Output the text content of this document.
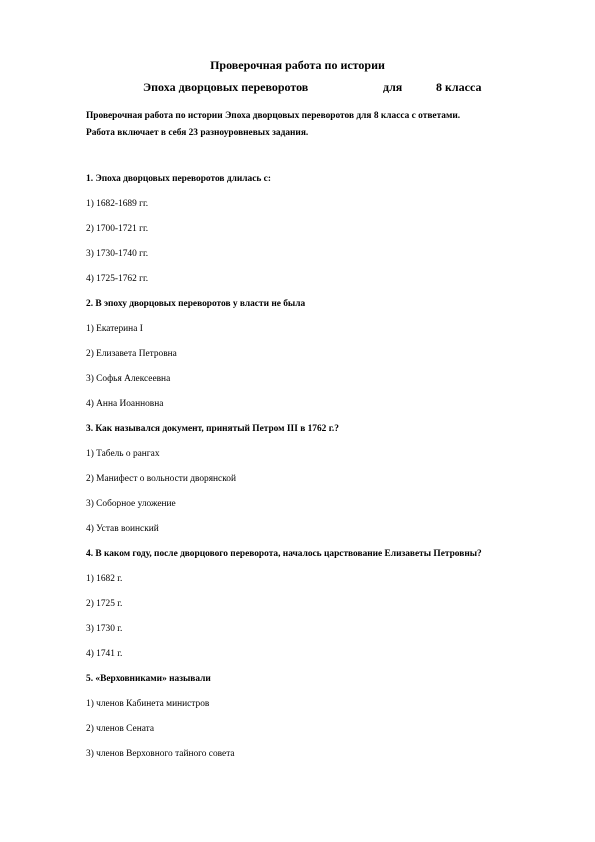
Проверочная работа по истории
Эпоха дворцовых переворотов	для	8 класса
Проверочная работа по истории Эпоха дворцовых переворотов для 8 класса с ответами.
Работа включает в себя 23 разноуровневых задания.
1. Эпоха дворцовых переворотов длилась с:
1) 1682-1689 гг.
2) 1700-1721 гг.
3) 1730-1740 гг.
4) 1725-1762 гг.
2. В эпоху дворцовых переворотов у власти не была
1) Екатерина I
2) Елизавета Петровна
3) Софья Алексеевна
4) Анна Иоанновна
3. Как назывался документ, принятый Петром III в 1762 г.?
1) Табель о рангах
2) Манифест о вольности дворянской
3) Соборное уложение
4) Устав воинский
4. В каком году, после дворцового переворота, началось царствование Елизаветы Петровны?
1) 1682 г.
2) 1725 г.
3) 1730 г.
4) 1741 г.
5. «Верховниками» называли
1) членов Кабинета министров
2) членов Сената
3) членов Верховного тайного совета
